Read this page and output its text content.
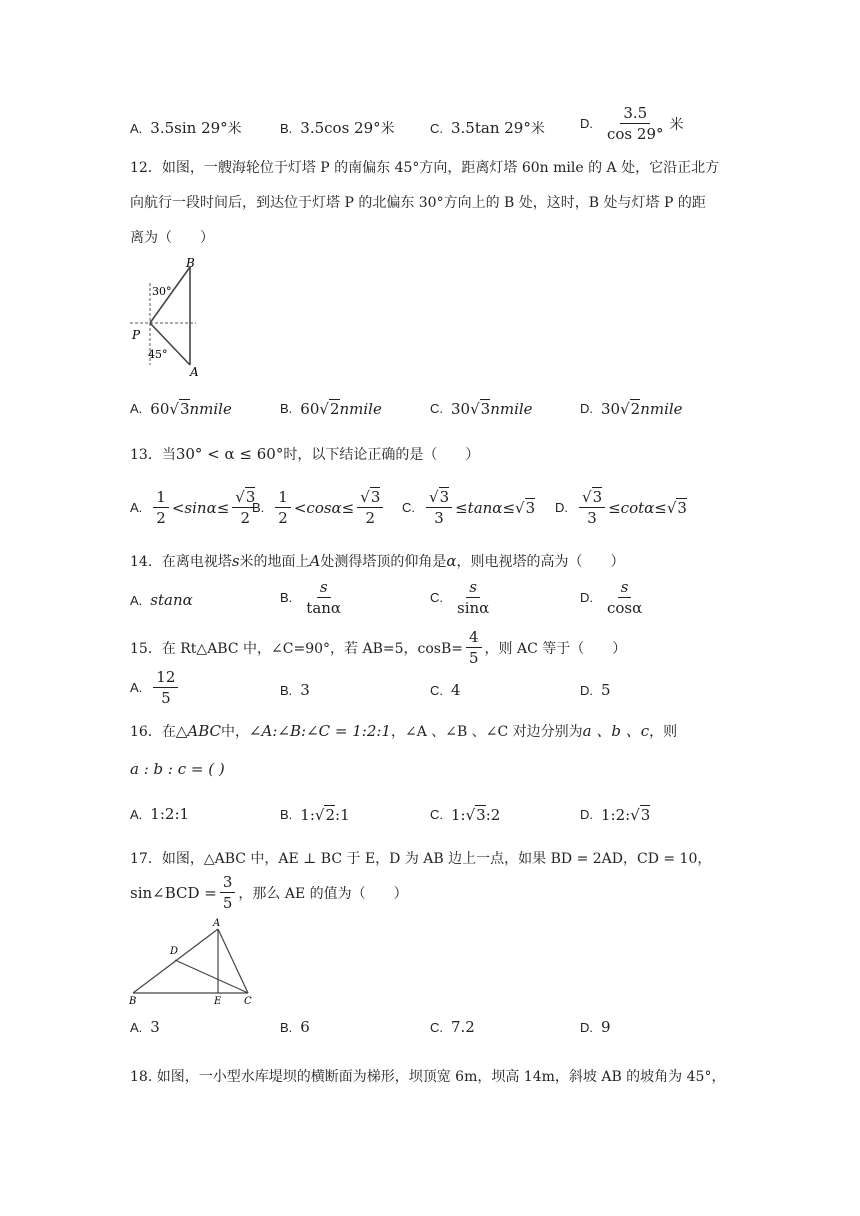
A. 3.5sin 29° 米	B. 3.5cos 29° 米	C. 3.5tan 29° 米	D. $\frac{3.5}{\cos 29^\circ}$ 米
12．如图，一艘海轮位于灯塔 P 的南偏东 45°方向，距离灯塔 60n mile 的 A 处，它沿正北方
向航行一段时间后，到达位于灯塔 P 的北偏东 30°方向上的 B 处，这时，B 处与灯塔 P 的距
离为（　　）
B
P
A
30°
45°
A. 60 √ 3 nmile	B. 60 √ 2 nmile	C. 30 √ 3 nmile	D. 30 √ 2 nmile
13．当30° < α ≤ 60°时，以下结论正确的是（　　）
A. $\frac{1}{2} <\sin\alpha\le \frac{√3}{2}$
B. $\frac{1}{2} <\cos\alpha\le \frac{√3}{2} C$. $\frac{√3}{3} \le\tan\alpha\le$ √ 3 D. $\frac{√3}{3} \le\cot\alpha\le$ √ 3
14．在离电视塔s米的地面上A处测得塔顶的仰角是α，则电视塔的高为（　　）
A. stanα	B. $\frac{s}{\tan\alpha}$	C. $\frac{s}{\sin\alpha}$	D. $\frac{s}{\cos\alpha}$
15．在 Rt△ABC 中，∠C=90°，若 AB=5，$\cos B= \frac{4}{5}$ ，则 AC 等于（　　）
A. $\frac{12}{5}$	B. 3	C. 4	D. 5
16．在△ABC中，∠A:∠B:∠C = 1:2:1，∠A 、∠B 、∠C 对边分别为a 、b 、c，则
a : b : c = ( )
A. 1:2:1	B. 1: √ 2 :1	C. 1: √ 3 :2	D. 1:2: √ 3
17．如图，△ABC 中，AE ⊥ BC 于 E，D 为 AB 边上一点，如果 BD = 2AD，CD = 10，
sin∠BCD = $\frac{3}{5}$ ，那么 AE 的值为（　　）
A
B	C
D
E
A. 3	B. 6	C. 7.2	D. 9
18. 如图，一小型水库堤坝的横断面为梯形，坝顶宽 6m，坝高 14m，斜坡 AB 的坡角为 45°，
